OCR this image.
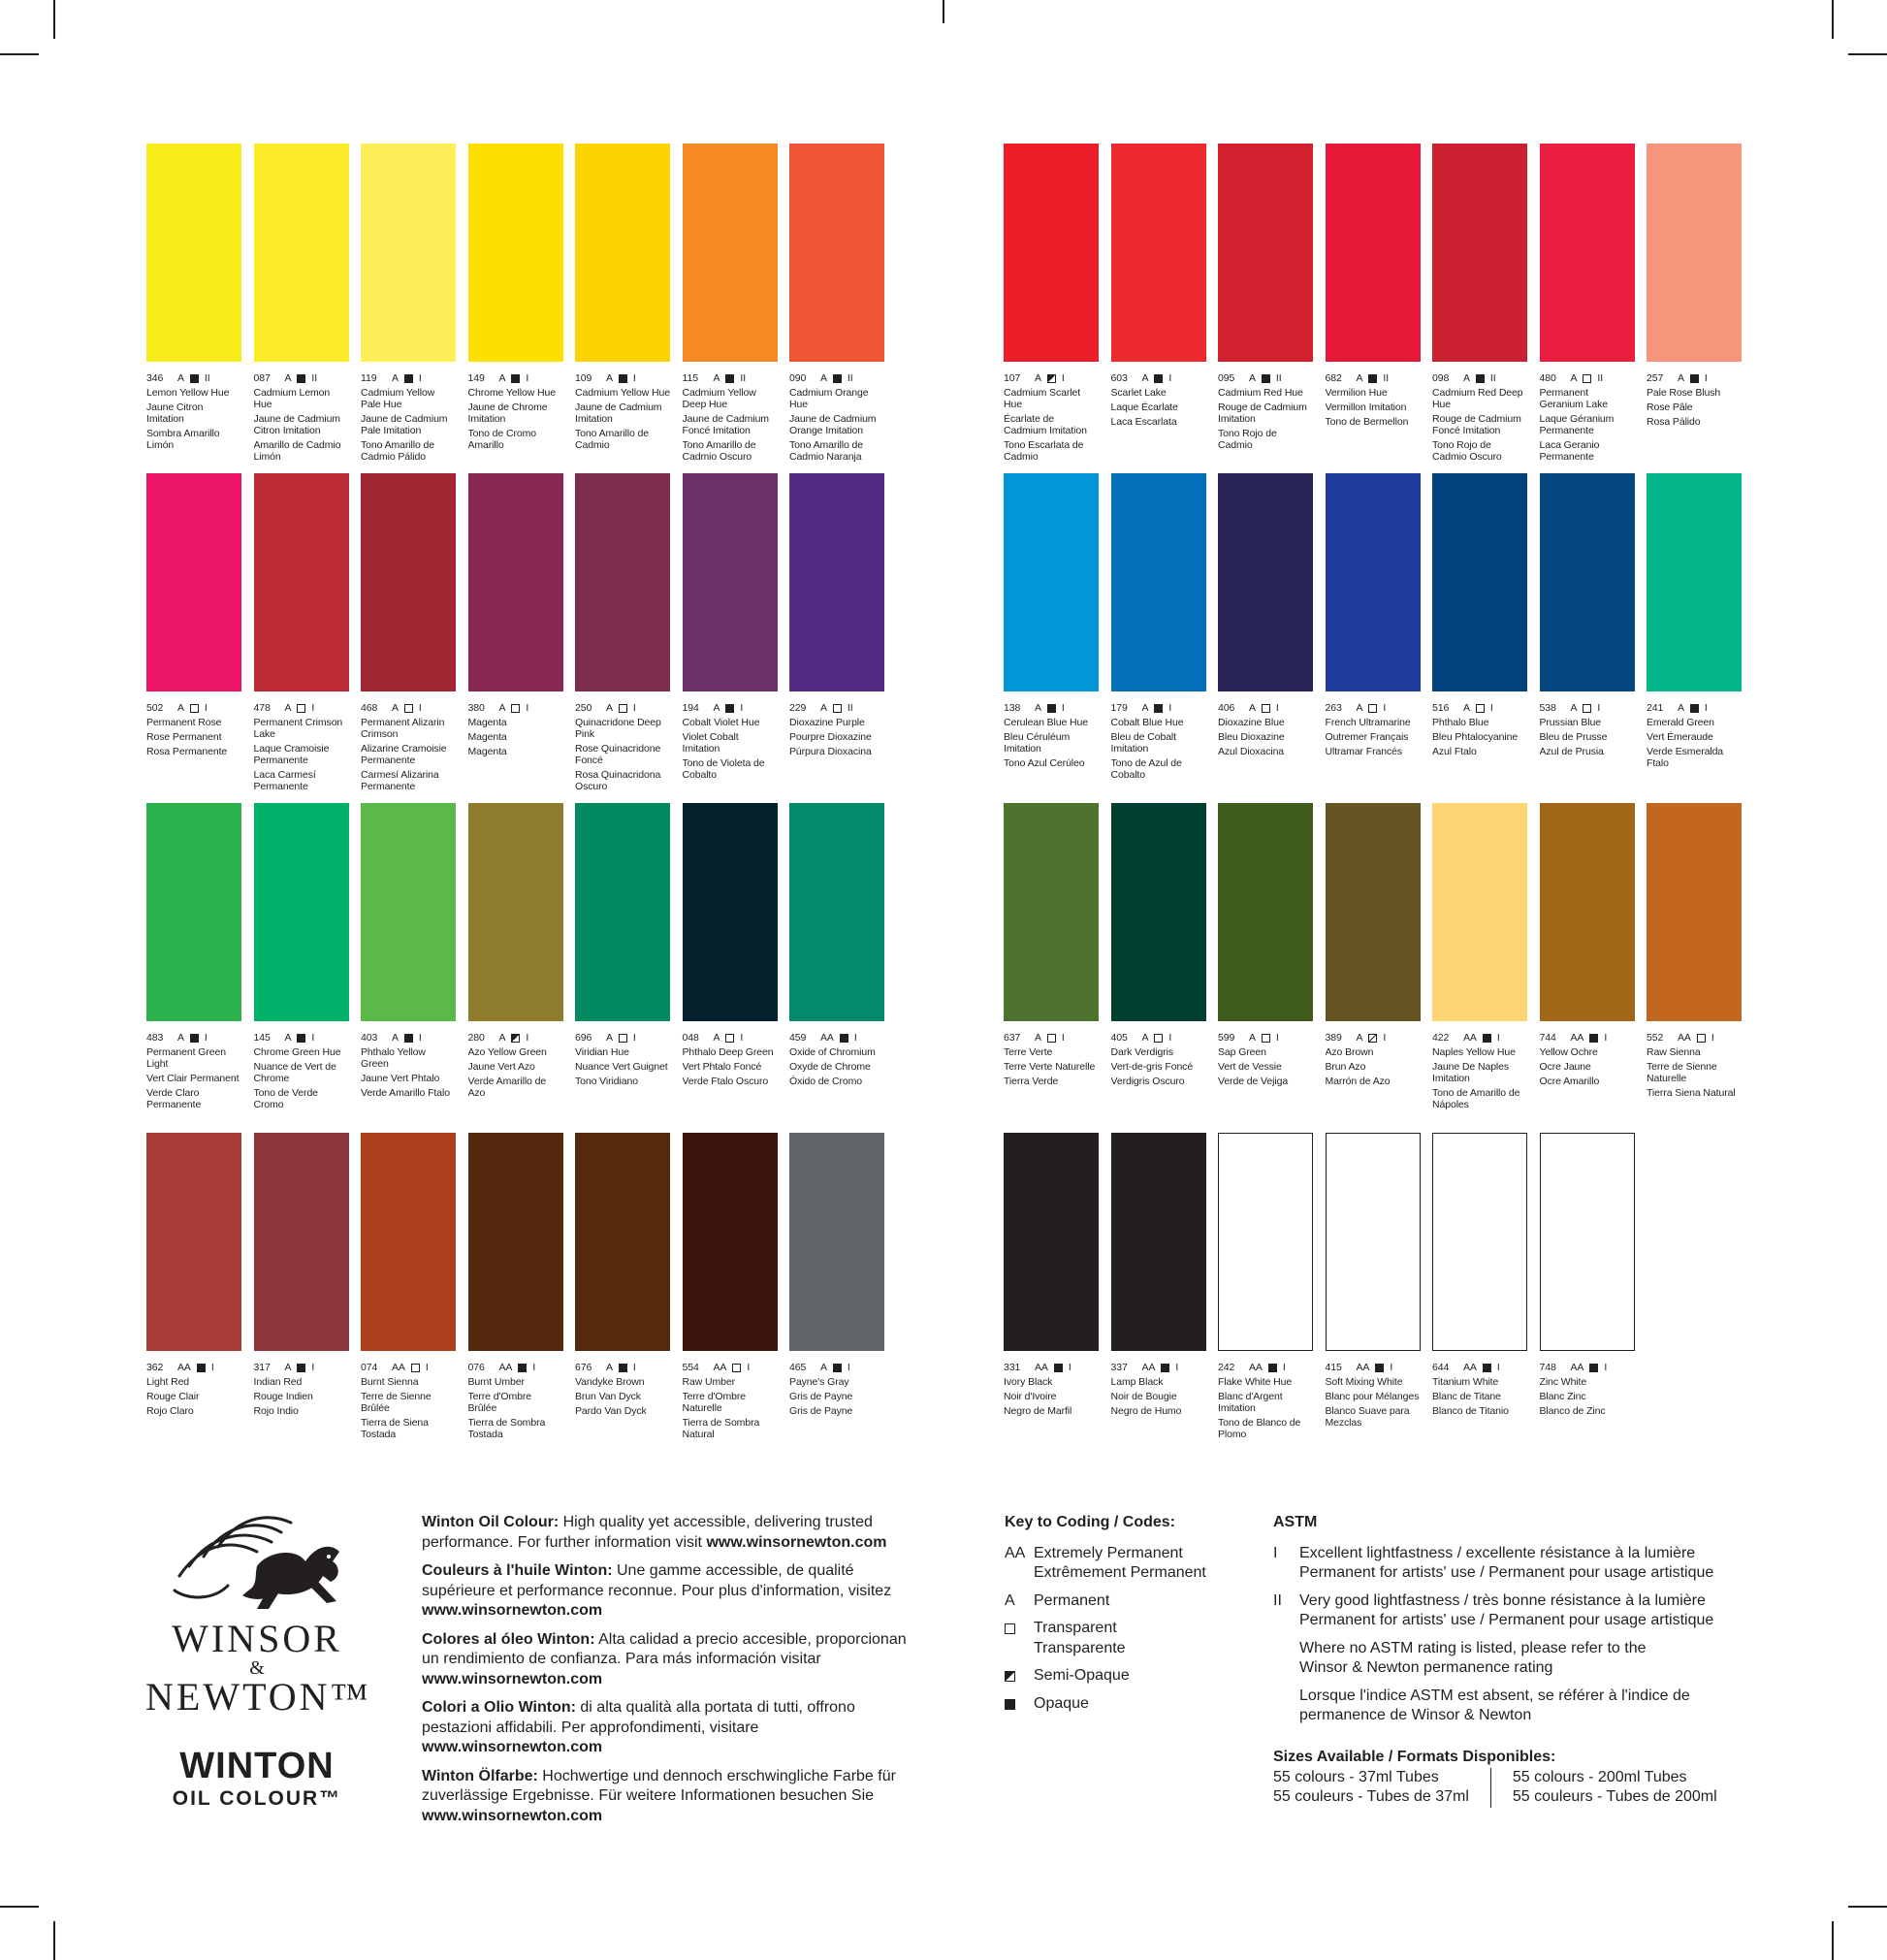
346	A II
Lemon Yellow Hue
Jaune Citron Imitation
Sombra Amarillo Limón
087	A II
Cadmium Lemon Hue
Jaune de Cadmium Citron Imitation
Amarillo de Cadmio Limón
119	A I
Cadmium Yellow Pale Hue
Jaune de Cadmium Pale Imitation
Tono Amarillo de Cadmio Pálido
149	A I
Chrome Yellow Hue
Jaune de Chrome Imitation
Tono de Cromo Amarillo
109	A I
Cadmium Yellow Hue
Jaune de Cadmium Imitation
Tono Amarillo de Cadmio
115	A II
Cadmium Yellow Deep Hue
Jaune de Cadmium Foncé Imitation
Tono Amarillo de Cadmio Oscuro
090	A II
Cadmium Orange Hue
Jaune de Cadmium Orange Imitation
Tono Amarillo de Cadmio Naranja
502	A I
Permanent Rose
Rose Permanent
Rosa Permanente
478	A I
Permanent Crimson Lake
Laque Cramoisie Permanente
Laca Carmesí Permanente
468	A I
Permanent Alizarin Crimson
Alizarine Cramoisie Permanente
Carmesí Alizarina Permanente
380	A I
Magenta
Magenta
Magenta
250	A I
Quinacridone Deep Pink
Rose Quinacridone Foncé
Rosa Quinacridona Oscuro
194	A I
Cobalt Violet Hue
Violet Cobalt Imitation
Tono de Violeta de Cobalto
229	A II
Dioxazine Purple
Pourpre Dioxazine
Púrpura Dioxacina
483	A I
Permanent Green Light
Vert Clair Permanent
Verde Claro Permanente
145	A I
Chrome Green Hue
Nuance de Vert de Chrome
Tono de Verde Cromo
403	A I
Phthalo Yellow Green
Jaune Vert Phtalo
Verde Amarillo Ftalo
280	A I
Azo Yellow Green
Jaune Vert Azo
Verde Amarillo de Azo
696	A I
Viridian Hue
Nuance Vert Guignet
Tono Viridiano
048	A I
Phthalo Deep Green
Vert Phtalo Foncé
Verde Ftalo Oscuro
459	AA I
Oxide of Chromium
Oxyde de Chrome
Óxido de Cromo
362	AA I
Light Red
Rouge Clair
Rojo Claro
317	A I
Indian Red
Rouge Indien
Rojo Indio
074	AA I
Burnt Sienna
Terre de Sienne Brûlée
Tierra de Siena Tostada
076	AA I
Burnt Umber
Terre d'Ombre Brûlée
Tierra de Sombra Tostada
676	A I
Vandyke Brown
Brun Van Dyck
Pardo Van Dyck
554	AA I
Raw Umber
Terre d'Ombre Naturelle
Tierra de Sombra Natural
465	A I
Payne's Gray
Gris de Payne
Gris de Payne
107	A I
Cadmium Scarlet Hue
Écarlate de Cadmium Imitation
Tono Escarlata de Cadmio
603	A I
Scarlet Lake
Laque Écarlate
Laca Escarlata
095	A II
Cadmium Red Hue
Rouge de Cadmium Imitation
Tono Rojo de Cadmio
682	A II
Vermilion Hue
Vermillon Imitation
Tono de Bermellon
098	A II
Cadmium Red Deep Hue
Rouge de Cadmium Foncé Imitation
Tono Rojo de Cadmio Oscuro
480	A II
Permanent Geranium Lake
Laque Géranium Permanente
Laca Geranio Permanente
257	A I
Pale Rose Blush
Rose Pâle
Rosa Pálido
138	A I
Cerulean Blue Hue
Bleu Céruléum Imitation
Tono Azul Cerúleo
179	A I
Cobalt Blue Hue
Bleu de Cobalt Imitation
Tono de Azul de Cobalto
406	A I
Dioxazine Blue
Bleu Dioxazine
Azul Dioxacina
263	A I
French Ultramarine
Outremer Français
Ultramar Francés
516	A I
Phthalo Blue
Bleu Phtalocyanine
Azul Ftalo
538	A I
Prussian Blue
Bleu de Prusse
Azul de Prusia
241	A I
Emerald Green
Vert Émeraude
Verde Esmeralda Ftalo
637	A I
Terre Verte
Terre Verte Naturelle
Tierra Verde
405	A I
Dark Verdigris
Vert-de-gris Foncé
Verdigris Oscuro
599	A I
Sap Green
Vert de Vessie
Verde de Vejiga
389	A I
Azo Brown
Brun Azo
Marrón de Azo
422	AA I
Naples Yellow Hue
Jaune De Naples Imitation
Tono de Amarillo de Nápoles
744	AA I
Yellow Ochre
Ocre Jaune
Ocre Amarillo
552	AA I
Raw Sienna
Terre de Sienne Naturelle
Tierra Siena Natural
331	AA I
Ivory Black
Noir d'Ivoire
Negro de Marfil
337	AA I
Lamp Black
Noir de Bougie
Negro de Humo
242	AA I
Flake White Hue
Blanc d'Argent Imitation
Tono de Blanco de Plomo
415	AA I
Soft Mixing White
Blanc pour Mélanges
Blanco Suave para Mezclas
644	AA I
Titanium White
Blanc de Titane
Blanco de Titanio
748	AA I
Zinc White
Blanc Zinc
Blanco de Zinc
WINSOR
&
NEWTON™
WINTON
OIL COLOUR™

Winton Oil Colour: High quality yet accessible, delivering trusted performance. For further information visit www.winsornewton.com

Couleurs à l'huile Winton: Une gamme accessible, de qualité supérieure et performance reconnue. Pour plus d'information, visitez www.winsornewton.com

Colores al óleo Winton: Alta calidad a precio accesible, proporcionan un rendimiento de confianza. Para más información visitar www.winsornewton.com

Colori a Olio Winton: di alta qualità alla portata di tutti, offrono pestazioni affidabili. Per approfondimenti, visitare www.winsornewton.com

Winton Ölfarbe: Hochwertige und dennoch erschwingliche Farbe für zuverlässige Ergebnisse. Für weitere Informationen besuchen Sie www.winsornewton.com

Key to Coding / Codes:
AA Extremely Permanent
Extrêmement Permanent
A	Permanent
Transparent
Transparente
Semi-Opaque
Opaque
ASTM
I	Excellent lightfastness / excellente résistance à la lumière
Permanent for artists' use / Permanent pour usage artistique
II	Very good lightfastness / très bonne résistance à la lumière
Permanent for artists' use / Permanent pour usage artistique
Where no ASTM rating is listed, please refer to the
Winsor & Newton permanence rating
Lorsque l'indice ASTM est absent, se référer à l'indice de
permanence de Winsor & Newton
Sizes Available / Formats Disponibles:
55 colours - 37ml Tubes
55 couleurs - Tubes de 37ml
55 colours - 200ml Tubes
55 couleurs - Tubes de 200ml
